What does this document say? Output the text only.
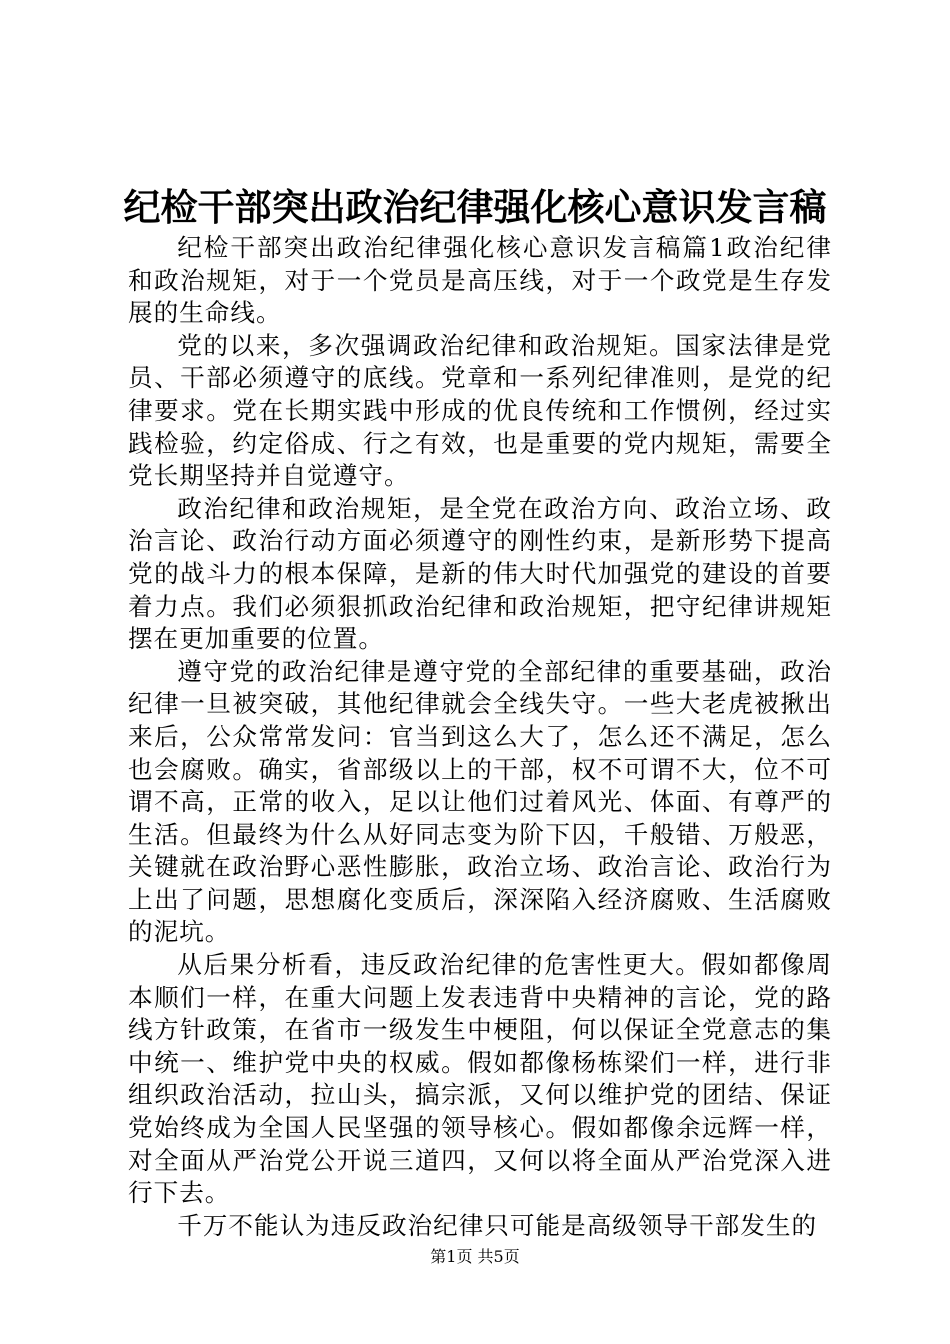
纪检干部突出政治纪律强化核心意识发言稿

纪检干部突出政治纪律强化核心意识发言稿篇1政治纪律和政治规矩，对于一个党员是高压线，对于一个政党是生存发展的生命线。

党的以来，多次强调政治纪律和政治规矩。国家法律是党员、干部必须遵守的底线。党章和一系列纪律准则，是党的纪律要求。党在长期实践中形成的优良传统和工作惯例，经过实践检验，约定俗成、行之有效，也是重要的党内规矩，需要全党长期坚持并自觉遵守。

政治纪律和政治规矩，是全党在政治方向、政治立场、政治言论、政治行动方面必须遵守的刚性约束，是新形势下提高党的战斗力的根本保障，是新的伟大时代加强党的建设的首要着力点。我们必须狠抓政治纪律和政治规矩，把守纪律讲规矩摆在更加重要的位置。

遵守党的政治纪律是遵守党的全部纪律的重要基础，政治纪律一旦被突破，其他纪律就会全线失守。一些大老虎被揪出来后，公众常常发问：官当到这么大了，怎么还不满足，怎么也会腐败。确实，省部级以上的干部，权不可谓不大，位不可谓不高，正常的收入，足以让他们过着风光、体面、有尊严的生活。但最终为什么从好同志变为阶下囚，千般错、万般恶，关键就在政治野心恶性膨胀，政治立场、政治言论、政治行为上出了问题，思想腐化变质后，深深陷入经济腐败、生活腐败的泥坑。

从后果分析看，违反政治纪律的危害性更大。假如都像周本顺们一样，在重大问题上发表违背中央精神的言论，党的路线方针政策，在省市一级发生中梗阻，何以保证全党意志的集中统一、维护党中央的权威。假如都像杨栋梁们一样，进行非组织政治活动，拉山头，搞宗派，又何以维护党的团结、保证党始终成为全国人民坚强的领导核心。假如都像余远辉一样，对全面从严治党公开说三道四，又何以将全面从严治党深入进行下去。

千万不能认为违反政治纪律只可能是高级领导干部发生的

第1页 共5页
